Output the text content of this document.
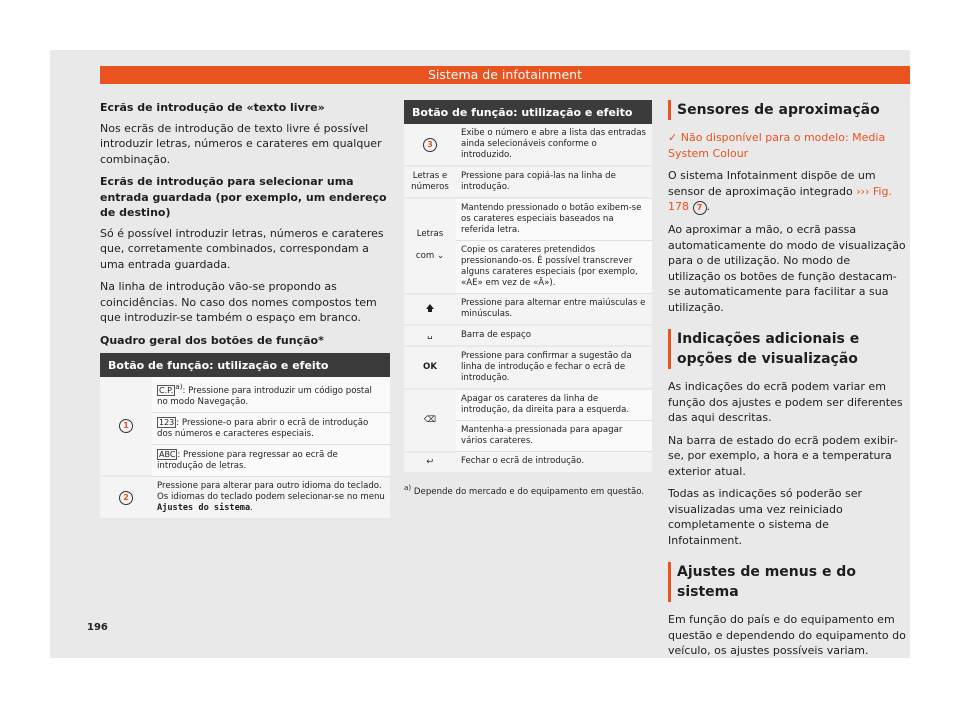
Sistema de infotainment
Ecrãs de introdução de «texto livre»

Nos ecrãs de introdução de texto livre é possível introduzir letras, números e carateres em qualquer combinação.

Ecrãs de introdução para selecionar uma entrada guardada (por exemplo, um endereço de destino)

Só é possível introduzir letras, números e carateres que, corretamente combinados, correspondam a uma entrada guardada.

Na linha de introdução vão-se propondo as coincidências. No caso dos nomes compostos tem que introduzir-se também o espaço em branco.

Quadro geral dos botões de função*
Botão de função: utilização e efeito	
1	C.P. $^{a)}$: Pressione para introduzir um código postal no modo Navegação.
	123 : Pressione-o para abrir o ecrã de introdução dos números e caracteres especiais.
	ABC : Pressione para regressar ao ecrã de introdução de letras.
2	Pressione para alterar para outro idioma do teclado. Os idiomas do teclado podem selecionar-se no menu Ajustes do sistema.
Botão de função: utilização e efeito	
3	Exibe o número e abre a lista das entradas ainda selecionáveis conforme o introduzido.
Letras e números	Pressione para copiá-las na linha de introdução.
Letras

com ⌄	Mantendo pressionado o botão exibem-se os carateres especiais baseados na referida letra.
	Copie os carateres pretendidos pressionando-os. É possível transcrever alguns carateres especiais (por exemplo, «AE» em vez de «Ä»).
🡅	Pressione para alternar entre maiúsculas e minúsculas.
␣	Barra de espaço
OK	Pressione para confirmar a sugestão da linha de introdução e fechar o ecrã de introdução.
⌫	Apagar os carateres da linha de introdução, da direita para a esquerda.
	Mantenha-a pressionada para apagar vários carateres.
↩	Fechar o ecrã de introdução.
$^{a)}$ Depende do mercado e do equipamento em questão.
Sensores de aproximação

✓ Não disponível para o modelo: Media System Colour

O sistema Infotainment dispõe de um sensor de aproximação integrado ››› Fig. 178 7 .

Ao aproximar a mão, o ecrã passa automaticamente do modo de visualização para o de utilização. No modo de utilização os botões de função destacam-se automaticamente para facilitar a sua utilização.

Indicações adicionais e opções de visualização

As indicações do ecrã podem variar em função dos ajustes e podem ser diferentes das aqui descritas.

Na barra de estado do ecrã podem exibir-se, por exemplo, a hora e a temperatura exterior atual.

Todas as indicações só poderão ser visualizadas uma vez reiniciado completamente o sistema de Infotainment.

Ajustes de menus e do sistema

Em função do país e do equipamento em questão e dependendo do equipamento do veículo, os ajustes possíveis variam.

196
